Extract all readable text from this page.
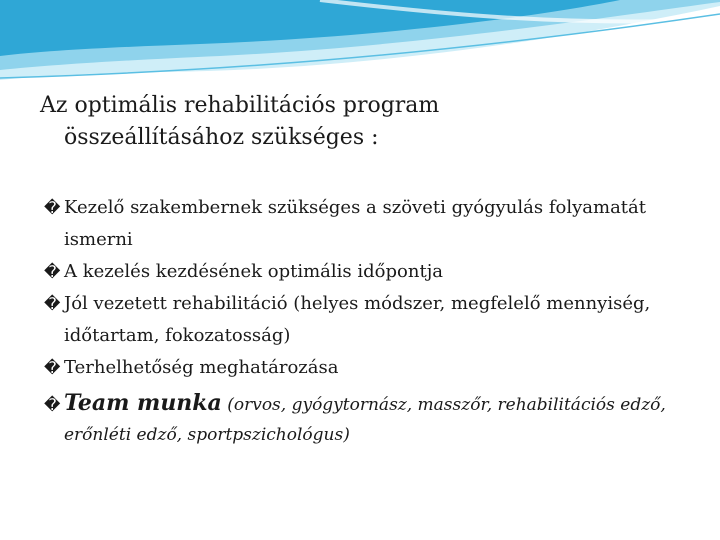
Az optimális rehabilitációs program
összeállításához szükséges :
� Kezelő szakembernek szükséges a szöveti gyógyulás folyamatát ismerni
� A kezelés kezdésének optimális időpontja
� Jól vezetett rehabilitáció (helyes módszer, megfelelő mennyiség, időtartam, fokozatosság)
� Terhelhetőség meghatározása
� Team munka (orvos, gyógytornász, masszőr, rehabilitációs edző, erőnléti edző, sportpszichológus)
